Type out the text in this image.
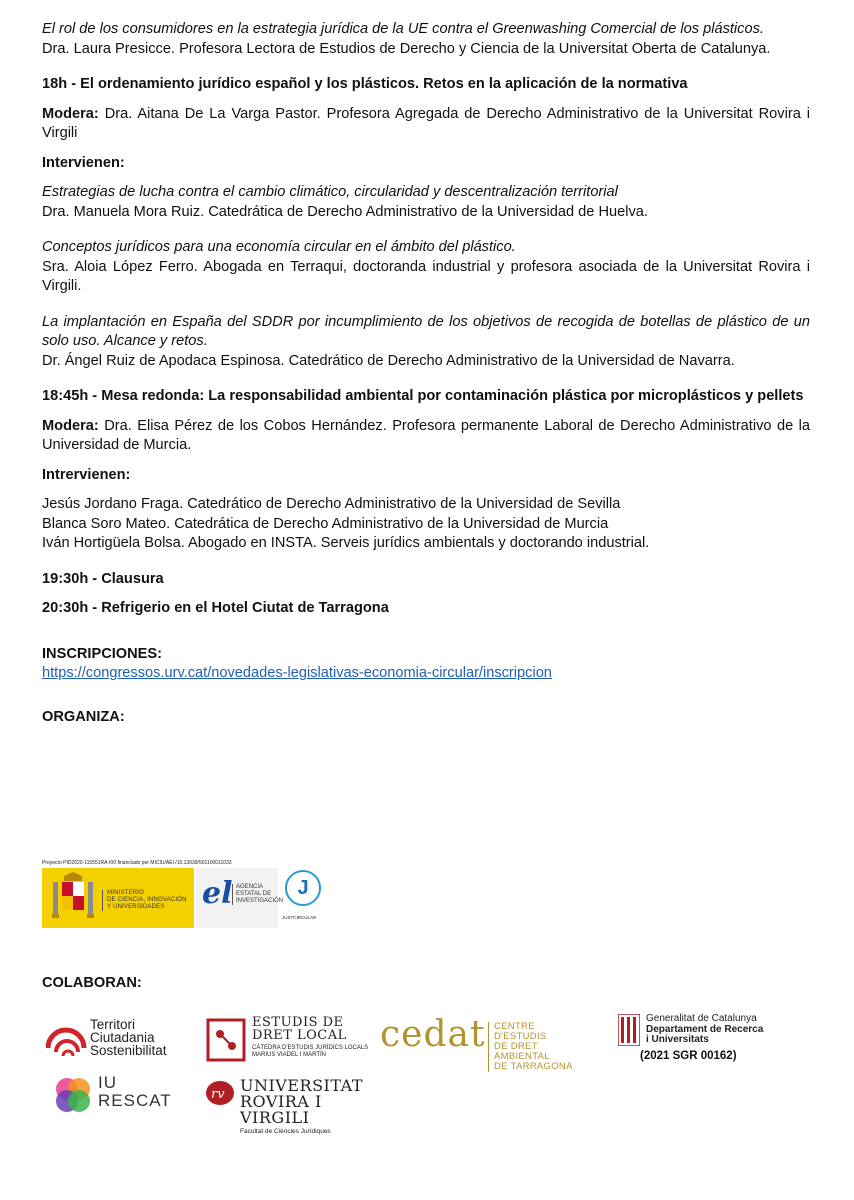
El rol de los consumidores en la estrategia jurídica de la UE contra el Greenwashing Comercial de los plásticos.

Dra. Laura Presicce. Profesora Lectora de Estudios de Derecho y Ciencia de la Universitat Oberta de Catalunya.

18h - El ordenamiento jurídico español y los plásticos. Retos en la aplicación de la normativa

Modera: Dra. Aitana De La Varga Pastor. Profesora Agregada de Derecho Administrativo de la Universitat Rovira i Virgili

Intervienen:

Estrategias de lucha contra el cambio climático, circularidad y descentralización territorial

Dra. Manuela Mora Ruiz. Catedrática de Derecho Administrativo de la Universidad de Huelva.

Conceptos jurídicos para una economía circular en el ámbito del plástico.

Sra. Aloia López Ferro. Abogada en Terraqui, doctoranda industrial y profesora asociada de la Universitat Rovira i Virgili.

La implantación en España del SDDR por incumplimiento de los objetivos de recogida de botellas de plástico de un solo uso. Alcance y retos.

Dr. Ángel Ruiz de Apodaca Espinosa. Catedrático de Derecho Administrativo de la Universidad de Navarra.

18:45h - Mesa redonda: La responsabilidad ambiental por contaminación plástica por microplásticos y pellets

Modera: Dra. Elisa Pérez de los Cobos Hernández. Profesora permanente Laboral de Derecho Administrativo de la Universidad de Murcia.

Intrervienen:

Jesús Jordano Fraga. Catedrático de Derecho Administrativo de la Universidad de Sevilla

Blanca Soro Mateo. Catedrática de Derecho Administrativo de la Universidad de Murcia

Iván Hortigüela Bolsa. Abogado en INSTA. Serveis jurídics ambientals y doctorando industrial.

19:30h - Clausura

20:30h - Refrigerio en el Hotel Ciutat de Tarragona

INSCRIPCIONES:

https://congressos.urv.cat/novedades-legislativas-economia-circular/inscripcion

ORGANIZA:

Proyecto PID2020-115551RA-I00 financiado por MICIU/AEI /10.13039/501100011033
MINISTERIO
DE CIENCIA, INNOVACIÓN
Y UNIVERSIDADES	el AGENCIA
ESTATAL DE
INVESTIGACIÓN
J
JUSTCIRCULAR

COLABORAN:

Territori
Ciutadania
Sostenibilitat
ESTUDIS DE
DRET LOCAL
CÀTEDRA D'ESTUDIS JURÍDICS LOCALS
MARIUS VIADEL I MARTÍN	cedat CENTRE D'ESTUDIS
DE DRET AMBIENTAL
DE TARRAGONA
Generalitat de Catalunya
Departament de Recerca
i Universitats
(2021 SGR 00162)
IU
RESCAT	rv UNIVERSITAT
ROVIRA I VIRGILI
Facultat de Ciències Jurídiques
